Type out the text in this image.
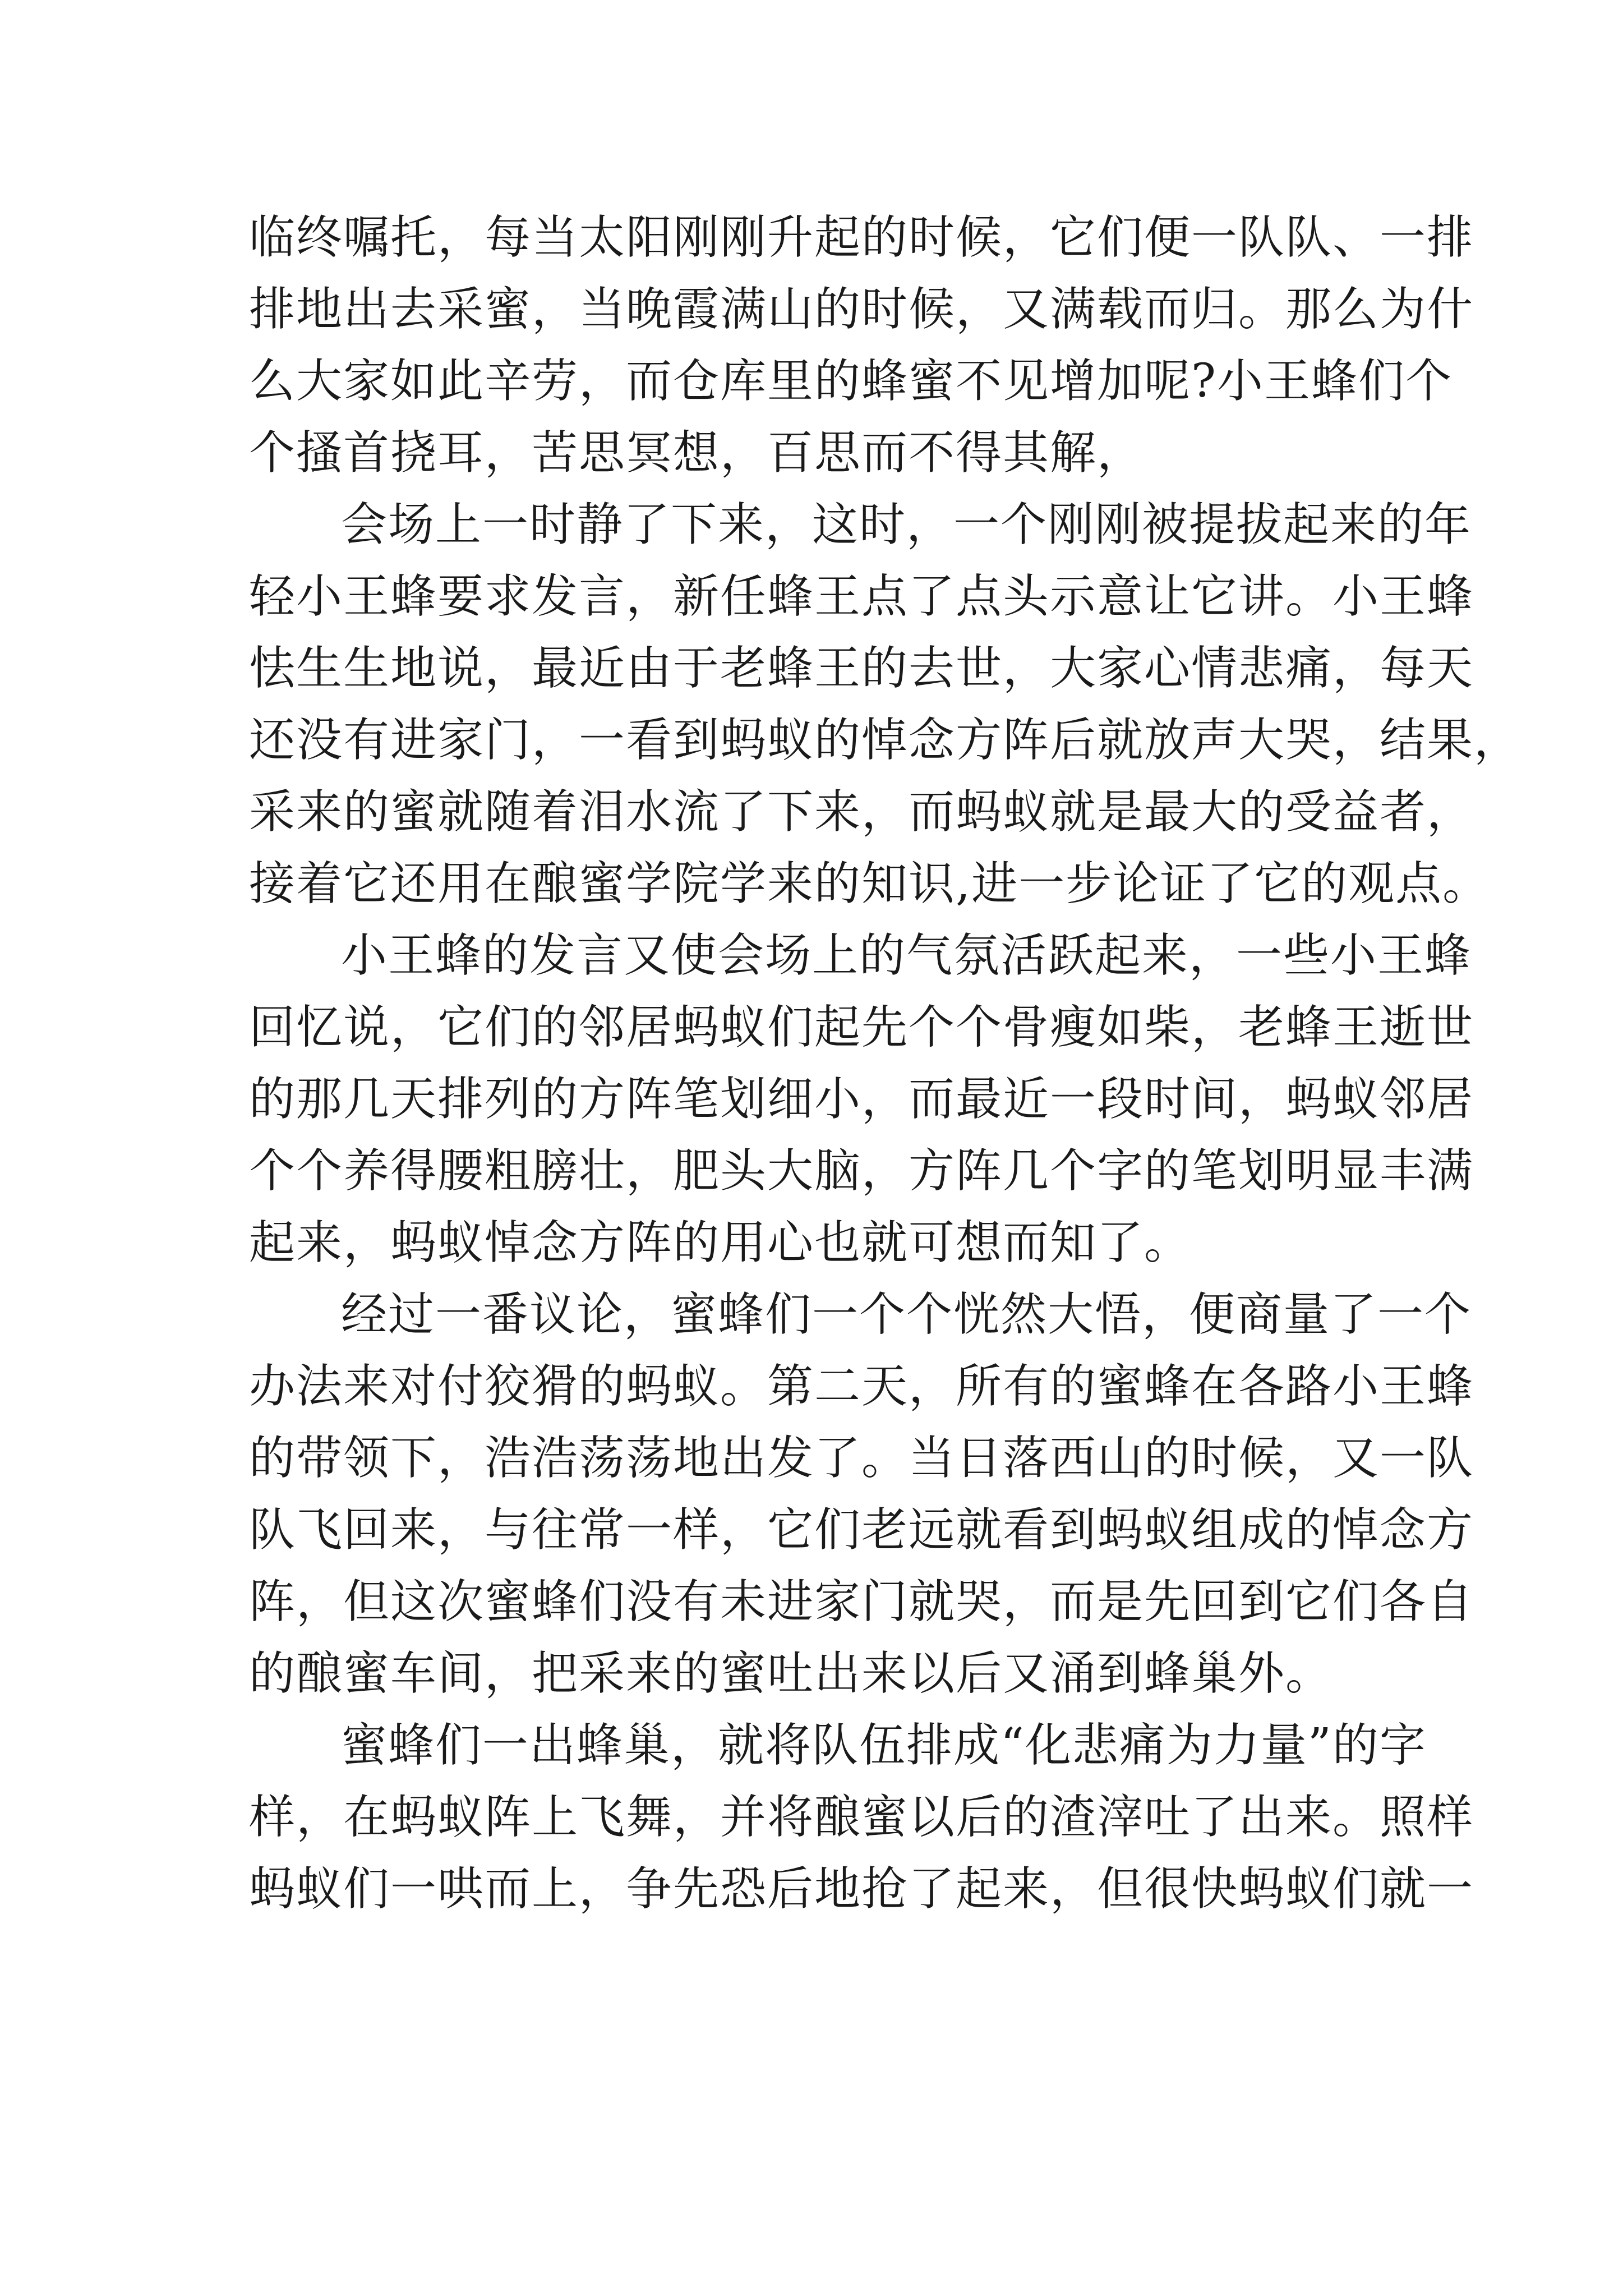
临终嘱托，每当太阳刚刚升起的时候，它们便一队队、一排
排地出去采蜜，当晚霞满山的时候，又满载而归。那么为什
么大家如此辛劳，而仓库里的蜂蜜不见增加呢?小王蜂们个
个搔首挠耳，苦思冥想，百思而不得其解，
会场上一时静了下来，这时，一个刚刚被提拔起来的年
轻小王蜂要求发言，新任蜂王点了点头示意让它讲。小王蜂
怯生生地说，最近由于老蜂王的去世，大家心情悲痛，每天
还没有进家门，一看到蚂蚁的悼念方阵后就放声大哭，结果，
采来的蜜就随着泪水流了下来，而蚂蚁就是最大的受益者，
接着它还用在酿蜜学院学来的知识,进一步论证了它的观点。
小王蜂的发言又使会场上的气氛活跃起来，一些小王蜂
回忆说，它们的邻居蚂蚁们起先个个骨瘦如柴，老蜂王逝世
的那几天排列的方阵笔划细小，而最近一段时间，蚂蚁邻居
个个养得腰粗膀壮，肥头大脑，方阵几个字的笔划明显丰满
起来，蚂蚁悼念方阵的用心也就可想而知了。
经过一番议论，蜜蜂们一个个恍然大悟，便商量了一个
办法来对付狡猾的蚂蚁。第二天，所有的蜜蜂在各路小王蜂
的带领下，浩浩荡荡地出发了。当日落西山的时候，又一队
队飞回来，与往常一样，它们老远就看到蚂蚁组成的悼念方
阵，但这次蜜蜂们没有未进家门就哭，而是先回到它们各自
的酿蜜车间，把采来的蜜吐出来以后又涌到蜂巢外。
蜜蜂们一出蜂巢，就将队伍排成“化悲痛为力量”的字
样，在蚂蚁阵上飞舞，并将酿蜜以后的渣滓吐了出来。照样
蚂蚁们一哄而上，争先恐后地抢了起来，但很快蚂蚁们就一
